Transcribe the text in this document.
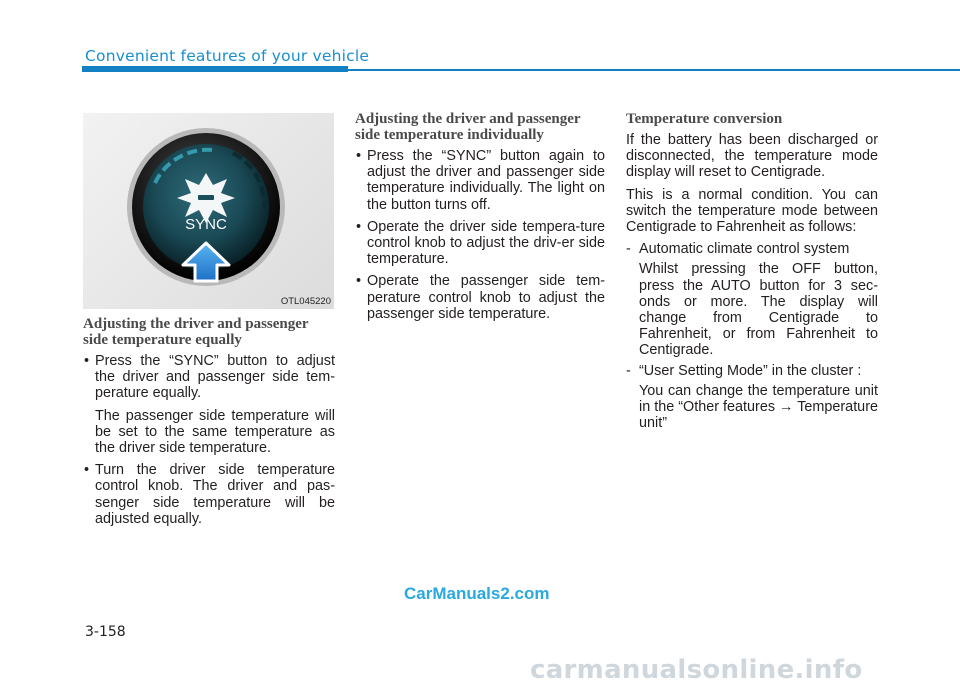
Convenient features of your vehicle
SYNC
OTL045220
Adjusting the driver and passenger side temperature equally
• Press the “SYNC” button to adjust the driver and passenger side tem-perature equally.
The passenger side temperature will be set to the same temperature as the driver side temperature.
• Turn the driver side temperature control knob. The driver and pas-senger side temperature will be adjusted equally.
Adjusting the driver and passenger side temperature individually
• Press the “SYNC” button again to adjust the driver and passenger side temperature individually. The light on the button turns off.
• Operate the driver side tempera-ture control knob to adjust the driv-er side temperature.
• Operate the passenger side tem-perature control knob to adjust the passenger side temperature.
Temperature conversion
If the battery has been discharged or disconnected, the temperature mode display will reset to Centigrade.
This is a normal condition. You can switch the temperature mode between Centigrade to Fahrenheit as follows:
- Automatic climate control system
Whilst pressing the OFF button, press the AUTO button for 3 sec-onds or more. The display will change from Centigrade to Fahrenheit, or from Fahrenheit to Centigrade.
- “User Setting Mode” in the cluster :
You can change the temperature unit in the “Other features → Temperature unit”
CarManuals2.com
3-158
carmanualsonline.info
